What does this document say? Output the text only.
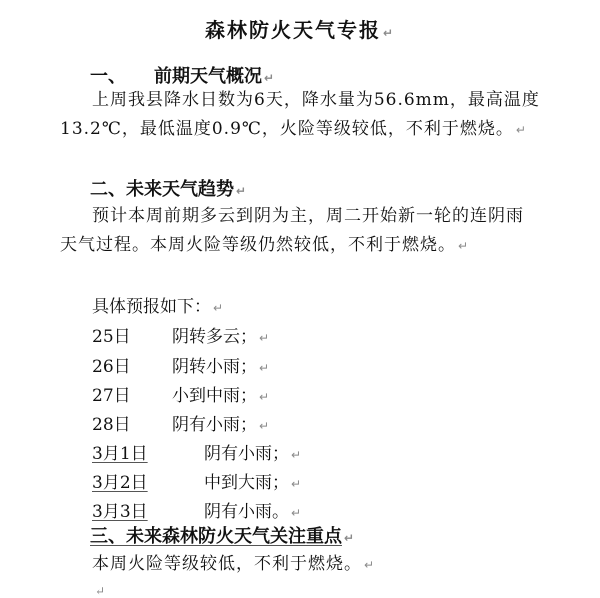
森林防火天气专报 ↵
一、 前期天气概况 ↵
上周我县降水日数为6天，降水量为56.6mm，最高温度13.2℃，最低温度0.9℃，火险等级较低，不利于燃烧。 ↵
二、未来天气趋势 ↵
预计本周前期多云到阴为主，周二开始新一轮的连阴雨天气过程。本周火险等级仍然较低，不利于燃烧。 ↵
具体预报如下： ↵
25日 阴转多云； ↵
26日 阴转小雨； ↵
27日 小到中雨； ↵
28日 阴有小雨； ↵
3月1日	阴有小雨； ↵
3月2日	中到大雨； ↵
3月3日	阴有小雨。 ↵
三、未来森林防火天气关注重点 ↵
本周火险等级较低，不利于燃烧。 ↵
↵
